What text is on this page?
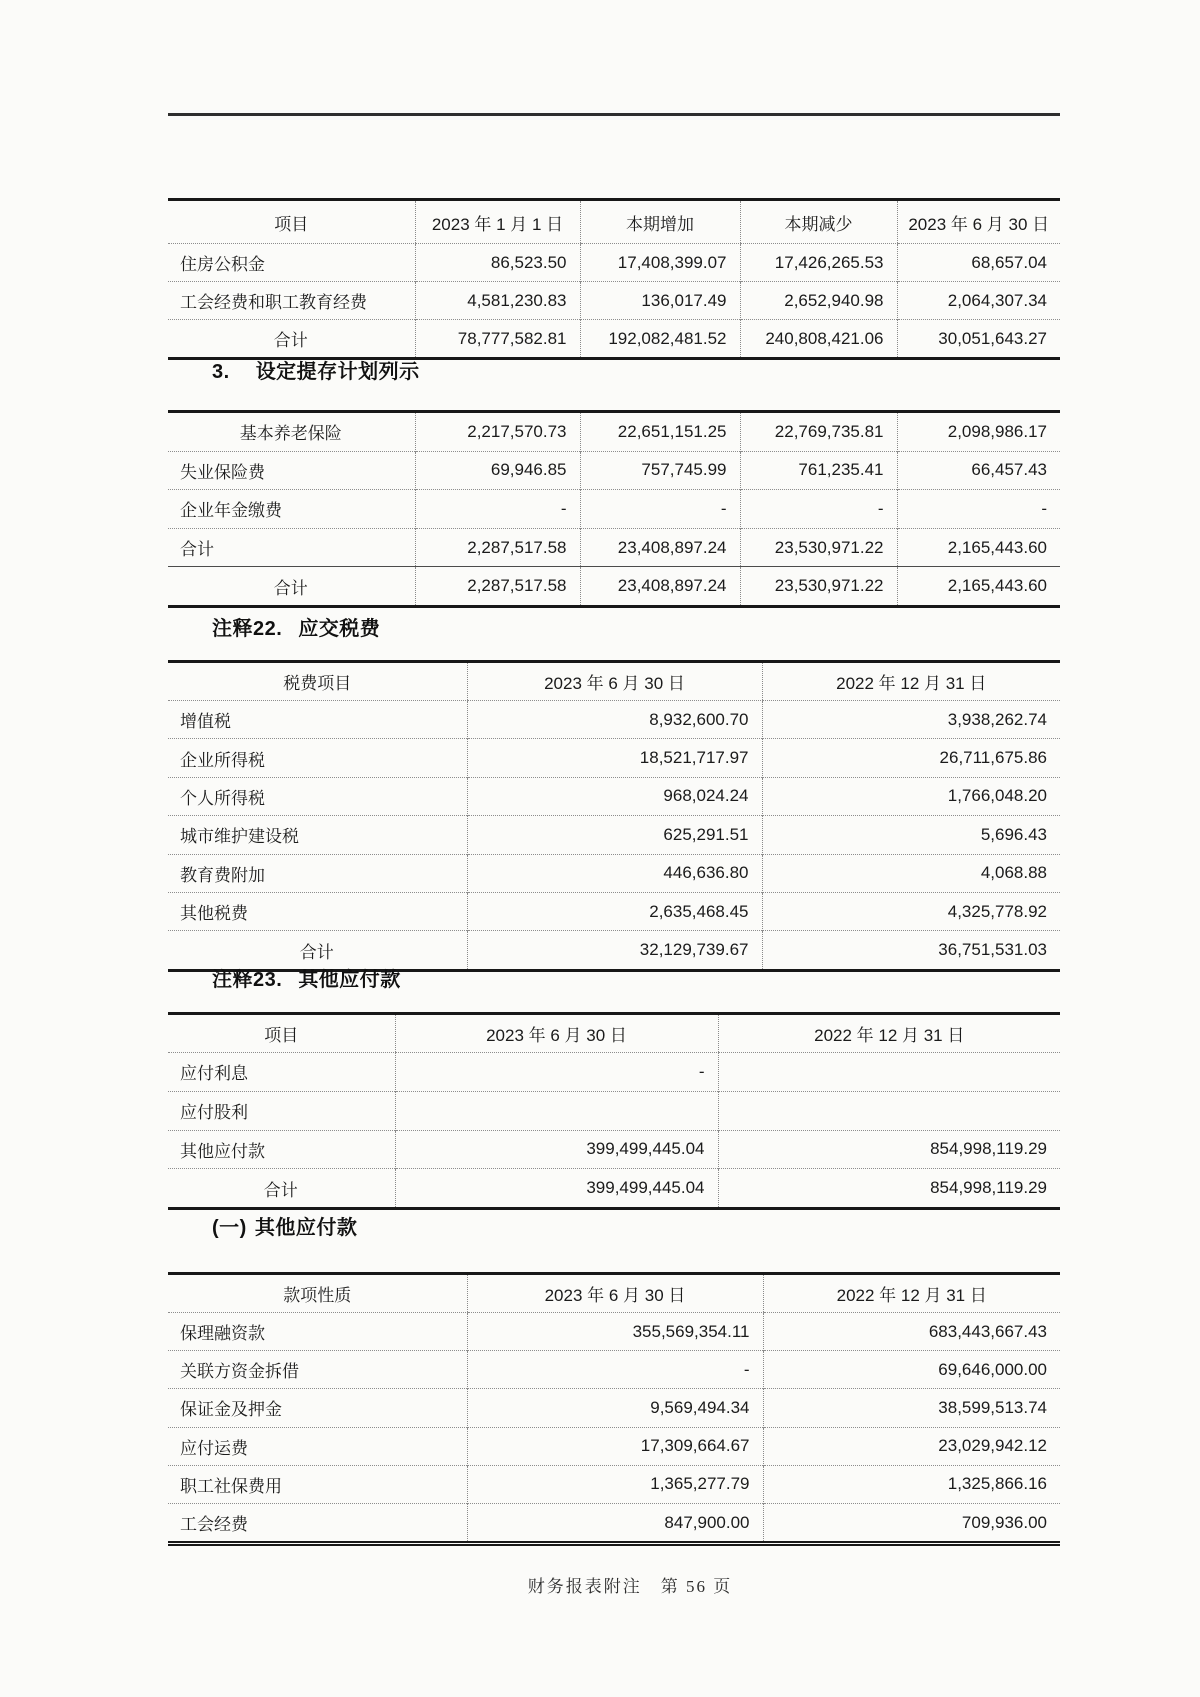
项目	2023 年 1 月 1 日	本期增加	本期减少	2023 年 6 月 30 日
住房公积金	86,523.50	17,408,399.07	17,426,265.53	68,657.04
工会经费和职工教育经费	4,581,230.83	136,017.49	2,652,940.98	2,064,307.34
合计	78,777,582.81	192,082,481.52	240,808,421.06	30,051,643.27
3. 设定提存计划列示
基本养老保险	2,217,570.73	22,651,151.25	22,769,735.81	2,098,986.17
失业保险费	69,946.85	757,745.99	761,235.41	66,457.43
企业年金缴费	-	-	-	-
合计	2,287,517.58	23,408,897.24	23,530,971.22	2,165,443.60
合计	2,287,517.58	23,408,897.24	23,530,971.22	2,165,443.60
注释22. 应交税费
税费项目	2023 年 6 月 30 日	2022 年 12 月 31 日
增值税	8,932,600.70	3,938,262.74
企业所得税	18,521,717.97	26,711,675.86
个人所得税	968,024.24	1,766,048.20
城市维护建设税	625,291.51	5,696.43
教育费附加	446,636.80	4,068.88
其他税费	2,635,468.45	4,325,778.92
合计	32,129,739.67	36,751,531.03
注释23. 其他应付款
项目	2023 年 6 月 30 日	2022 年 12 月 31 日
应付利息	-	
应付股利		
其他应付款	399,499,445.04	854,998,119.29
合计	399,499,445.04	854,998,119.29
(一) 其他应付款
款项性质	2023 年 6 月 30 日	2022 年 12 月 31 日
保理融资款	355,569,354.11	683,443,667.43
关联方资金拆借	-	69,646,000.00
保证金及押金	9,569,494.34	38,599,513.74
应付运费	17,309,664.67	23,029,942.12
职工社保费用	1,365,277.79	1,325,866.16
工会经费	847,900.00	709,936.00
财务报表附注　第 56 页
